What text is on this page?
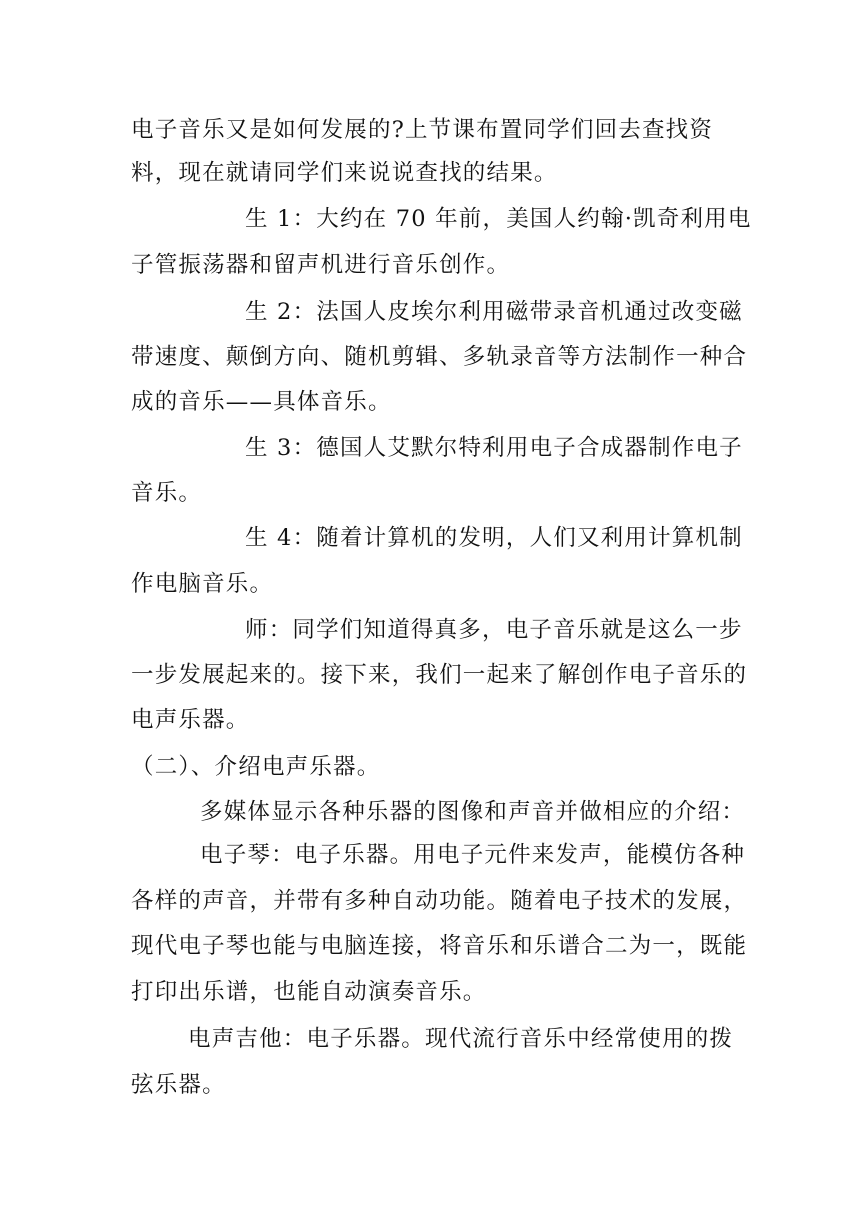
电子音乐又是如何发展的?上节课布置同学们回去查找资
料，现在就请同学们来说说查找的结果。
生 1：大约在 70 年前，美国人约翰·凯奇利用电
子管振荡器和留声机进行音乐创作。
生 2：法国人皮埃尔利用磁带录音机通过改变磁
带速度、颠倒方向、随机剪辑、多轨录音等方法制作一种合
成的音乐——具体音乐。
生 3：德国人艾默尔特利用电子合成器制作电子
音乐。
生 4：随着计算机的发明，人们又利用计算机制
作电脑音乐。
师：同学们知道得真多，电子音乐就是这么一步
一步发展起来的。接下来，我们一起来了解创作电子音乐的
电声乐器。
（二）、介绍电声乐器。
多媒体显示各种乐器的图像和声音并做相应的介绍：
电子琴：电子乐器。用电子元件来发声，能模仿各种
各样的声音，并带有多种自动功能。随着电子技术的发展，
现代电子琴也能与电脑连接，将音乐和乐谱合二为一，既能
打印出乐谱，也能自动演奏音乐。
电声吉他：电子乐器。现代流行音乐中经常使用的拨
弦乐器。
